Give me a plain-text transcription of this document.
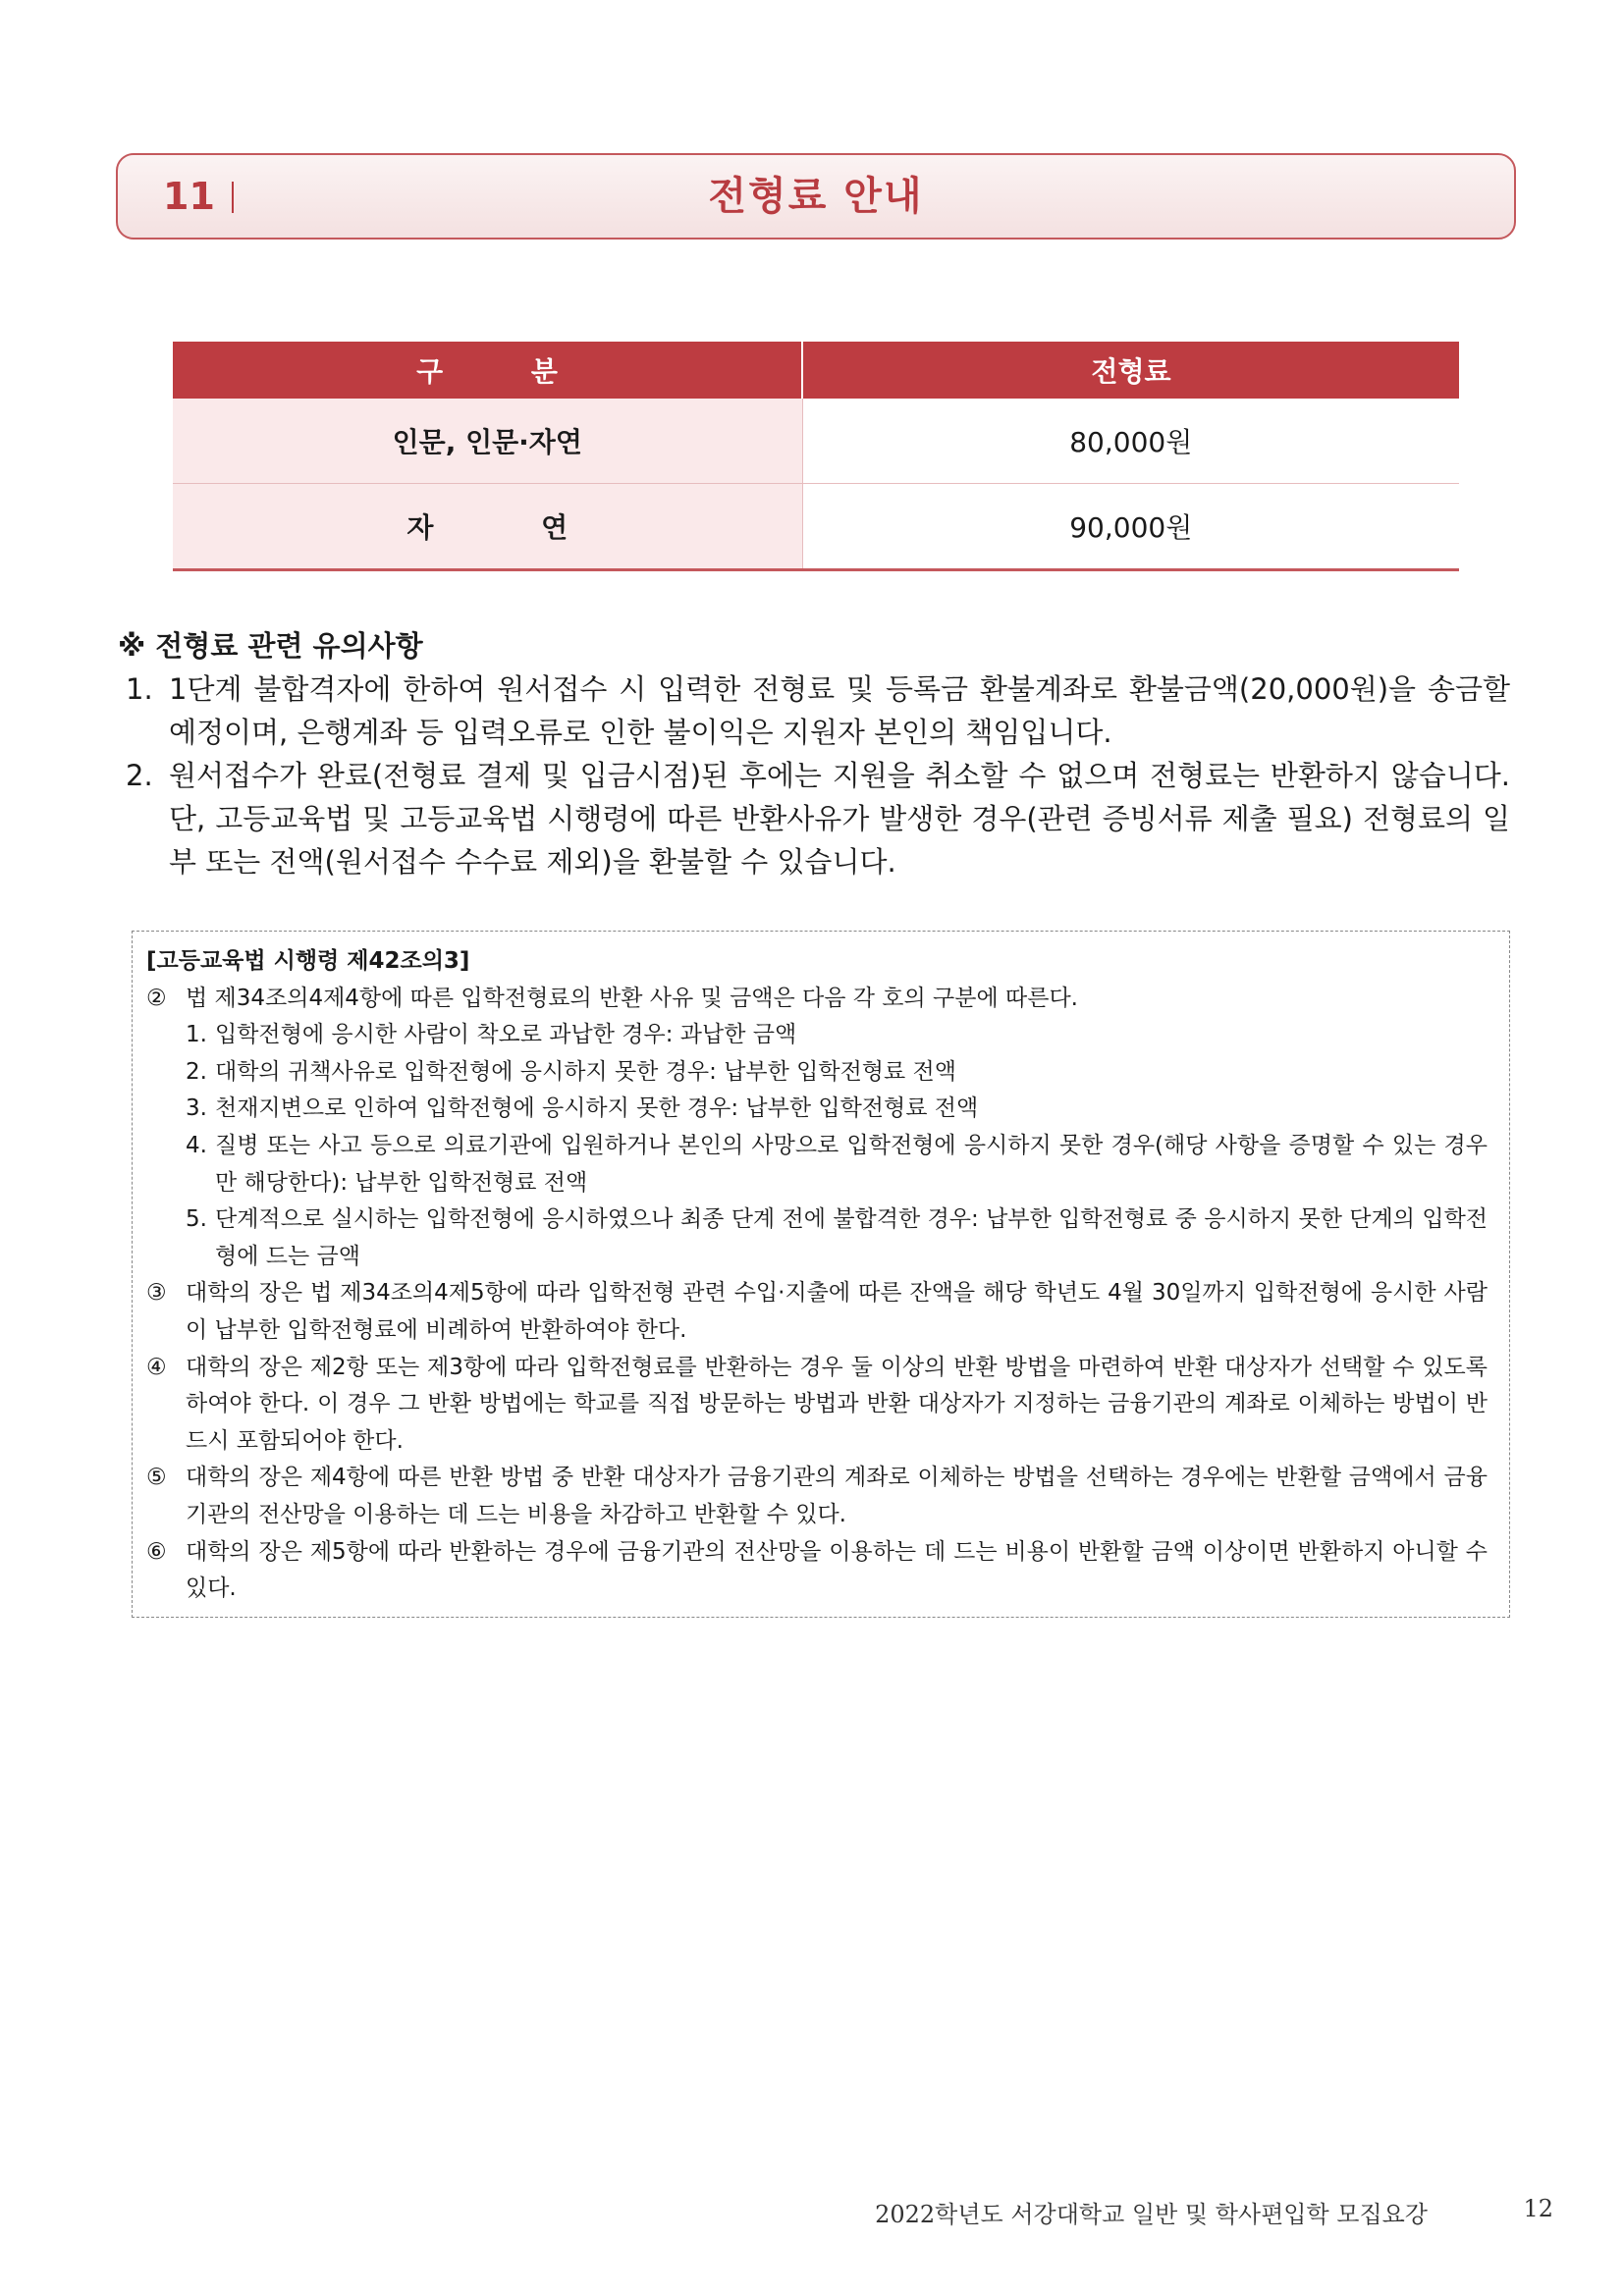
11	전형료 안내
구 분	전형료
인문, 인문·자연	80,000원
자 연	90,000원
※ 전형료 관련 유의사항
1. 1단계 불합격자에 한하여 원서접수 시 입력한 전형료 및 등록금 환불계좌로 환불금액(20,000원)을 송금할 예정이며, 은행계좌 등 입력오류로 인한 불이익은 지원자 본인의 책임입니다.
2. 원서접수가 완료(전형료 결제 및 입금시점)된 후에는 지원을 취소할 수 없으며 전형료는 반환하지 않습니다. 단, 고등교육법 및 고등교육법 시행령에 따른 반환사유가 발생한 경우(관련 증빙서류 제출 필요) 전형료의 일부 또는 전액(원서접수 수수료 제외)을 환불할 수 있습니다.
[고등교육법 시행령 제42조의3]
② 법 제34조의4제4항에 따른 입학전형료의 반환 사유 및 금액은 다음 각 호의 구분에 따른다.
1. 입학전형에 응시한 사람이 착오로 과납한 경우: 과납한 금액
2. 대학의 귀책사유로 입학전형에 응시하지 못한 경우: 납부한 입학전형료 전액
3. 천재지변으로 인하여 입학전형에 응시하지 못한 경우: 납부한 입학전형료 전액
4. 질병 또는 사고 등으로 의료기관에 입원하거나 본인의 사망으로 입학전형에 응시하지 못한 경우(해당 사항을 증명할 수 있는 경우만 해당한다): 납부한 입학전형료 전액
5. 단계적으로 실시하는 입학전형에 응시하였으나 최종 단계 전에 불합격한 경우: 납부한 입학전형료 중 응시하지 못한 단계의 입학전형에 드는 금액
③ 대학의 장은 법 제34조의4제5항에 따라 입학전형 관련 수입·지출에 따른 잔액을 해당 학년도 4월 30일까지 입학전형에 응시한 사람이 납부한 입학전형료에 비례하여 반환하여야 한다.
④ 대학의 장은 제2항 또는 제3항에 따라 입학전형료를 반환하는 경우 둘 이상의 반환 방법을 마련하여 반환 대상자가 선택할 수 있도록 하여야 한다. 이 경우 그 반환 방법에는 학교를 직접 방문하는 방법과 반환 대상자가 지정하는 금융기관의 계좌로 이체하는 방법이 반드시 포함되어야 한다.
⑤ 대학의 장은 제4항에 따른 반환 방법 중 반환 대상자가 금융기관의 계좌로 이체하는 방법을 선택하는 경우에는 반환할 금액에서 금융기관의 전산망을 이용하는 데 드는 비용을 차감하고 반환할 수 있다.
⑥ 대학의 장은 제5항에 따라 반환하는 경우에 금융기관의 전산망을 이용하는 데 드는 비용이 반환할 금액 이상이면 반환하지 아니할 수 있다.
2022학년도 서강대학교 일반 및 학사편입학 모집요강	12
